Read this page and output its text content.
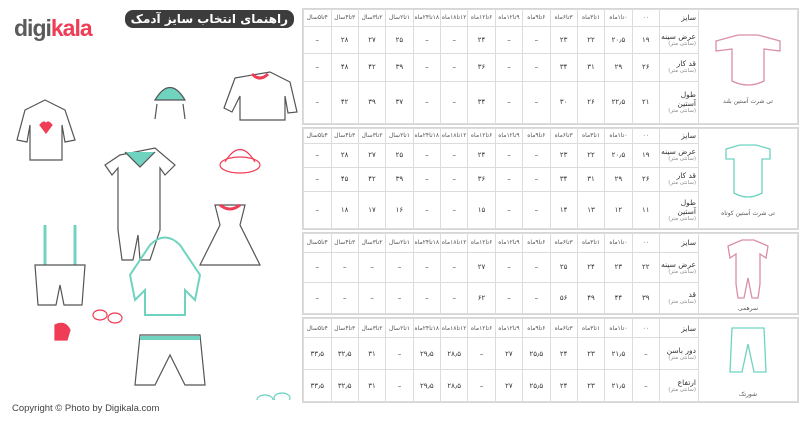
digikala	راهنمای انتخاب سایز آدمک
تی شرت آستین بلند	سایز	۰۰	۰تا۱ماه	۱تا۳ماه	۳تا۶ماه	۶تا۹ماه	۹تا۱۲ماه	۶تا۱۲ماه	۱۲تا۱۸ماه	۱۸تا۲۴ماه	۱تا۲سال	۲تا۳سال	۳تا۴سال	۴تا۵سال
	عرض سینه
(سانتی متر)	۱۹	۲۰٫۵	۲۲	۲۳	–	–	۲۴	–	–	۲۵	۲۷	۲۸	–
	قد کار
(سانتی متر)	۲۶	۲۹	۳۱	۳۴	–	–	۳۶	–	–	۳۹	۴۲	۴۸	–
	طول آستین
(سانتی متر)	۲۱	۲۲٫۵	۲۶	۳۰	–	–	۳۴	–	–	۳۷	۳۹	۴۲	–
تی شرت آستین کوتاه	سایز	۰۰	۰تا۱ماه	۱تا۳ماه	۳تا۶ماه	۶تا۹ماه	۹تا۱۲ماه	۶تا۱۲ماه	۱۲تا۱۸ماه	۱۸تا۲۴ماه	۱تا۲سال	۲تا۳سال	۳تا۴سال	۴تا۵سال
	عرض سینه
(سانتی متر)	۱۹	۲۰٫۵	۲۲	۲۳	–	–	۲۴	–	–	۲۵	۲۷	۲۸	–
	قد کار
(سانتی متر)	۲۶	۲۹	۳۱	۳۴	–	–	۳۶	–	–	۳۹	۴۲	۴۵	–
	طول آستین
(سانتی متر)	۱۱	۱۲	۱۳	۱۴	–	–	۱۵	–	–	۱۶	۱۷	۱۸	–
سرهمی	سایز	۰۰	۰تا۱ماه	۱تا۳ماه	۳تا۶ماه	۶تا۹ماه	۹تا۱۲ماه	۶تا۱۲ماه	۱۲تا۱۸ماه	۱۸تا۲۴ماه	۱تا۲سال	۲تا۳سال	۳تا۴سال	۴تا۵سال
	عرض سینه
(سانتی متر)	۲۲	۲۳	۲۴	۲۵	–	–	۲۷	–	–	–	–	–	–
	قد
(سانتی متر)	۳۹	۴۴	۴۹	۵۶	–	–	۶۲	–	–	–	–	–	–
شورتک	سایز	۰۰	۰تا۱ماه	۱تا۳ماه	۳تا۶ماه	۶تا۹ماه	۹تا۱۲ماه	۶تا۱۲ماه	۱۲تا۱۸ماه	۱۸تا۲۴ماه	۱تا۲سال	۲تا۳سال	۳تا۴سال	۴تا۵سال
	دور باسن
(سانتی متر)	–	۲۱٫۵	۲۳	۲۴	۲۵٫۵	۲۷	–	۲۸٫۵	۲۹٫۵	–	۳۱	۳۲٫۵	۳۳٫۵
	ارتفاع
(سانتی متر)	–	۲۱٫۵	۲۳	۲۴	۲۵٫۵	۲۷	–	۲۸٫۵	۲۹٫۵	–	۳۱	۳۲٫۵	۳۳٫۵
Copyright © Photo by Digikala.com
